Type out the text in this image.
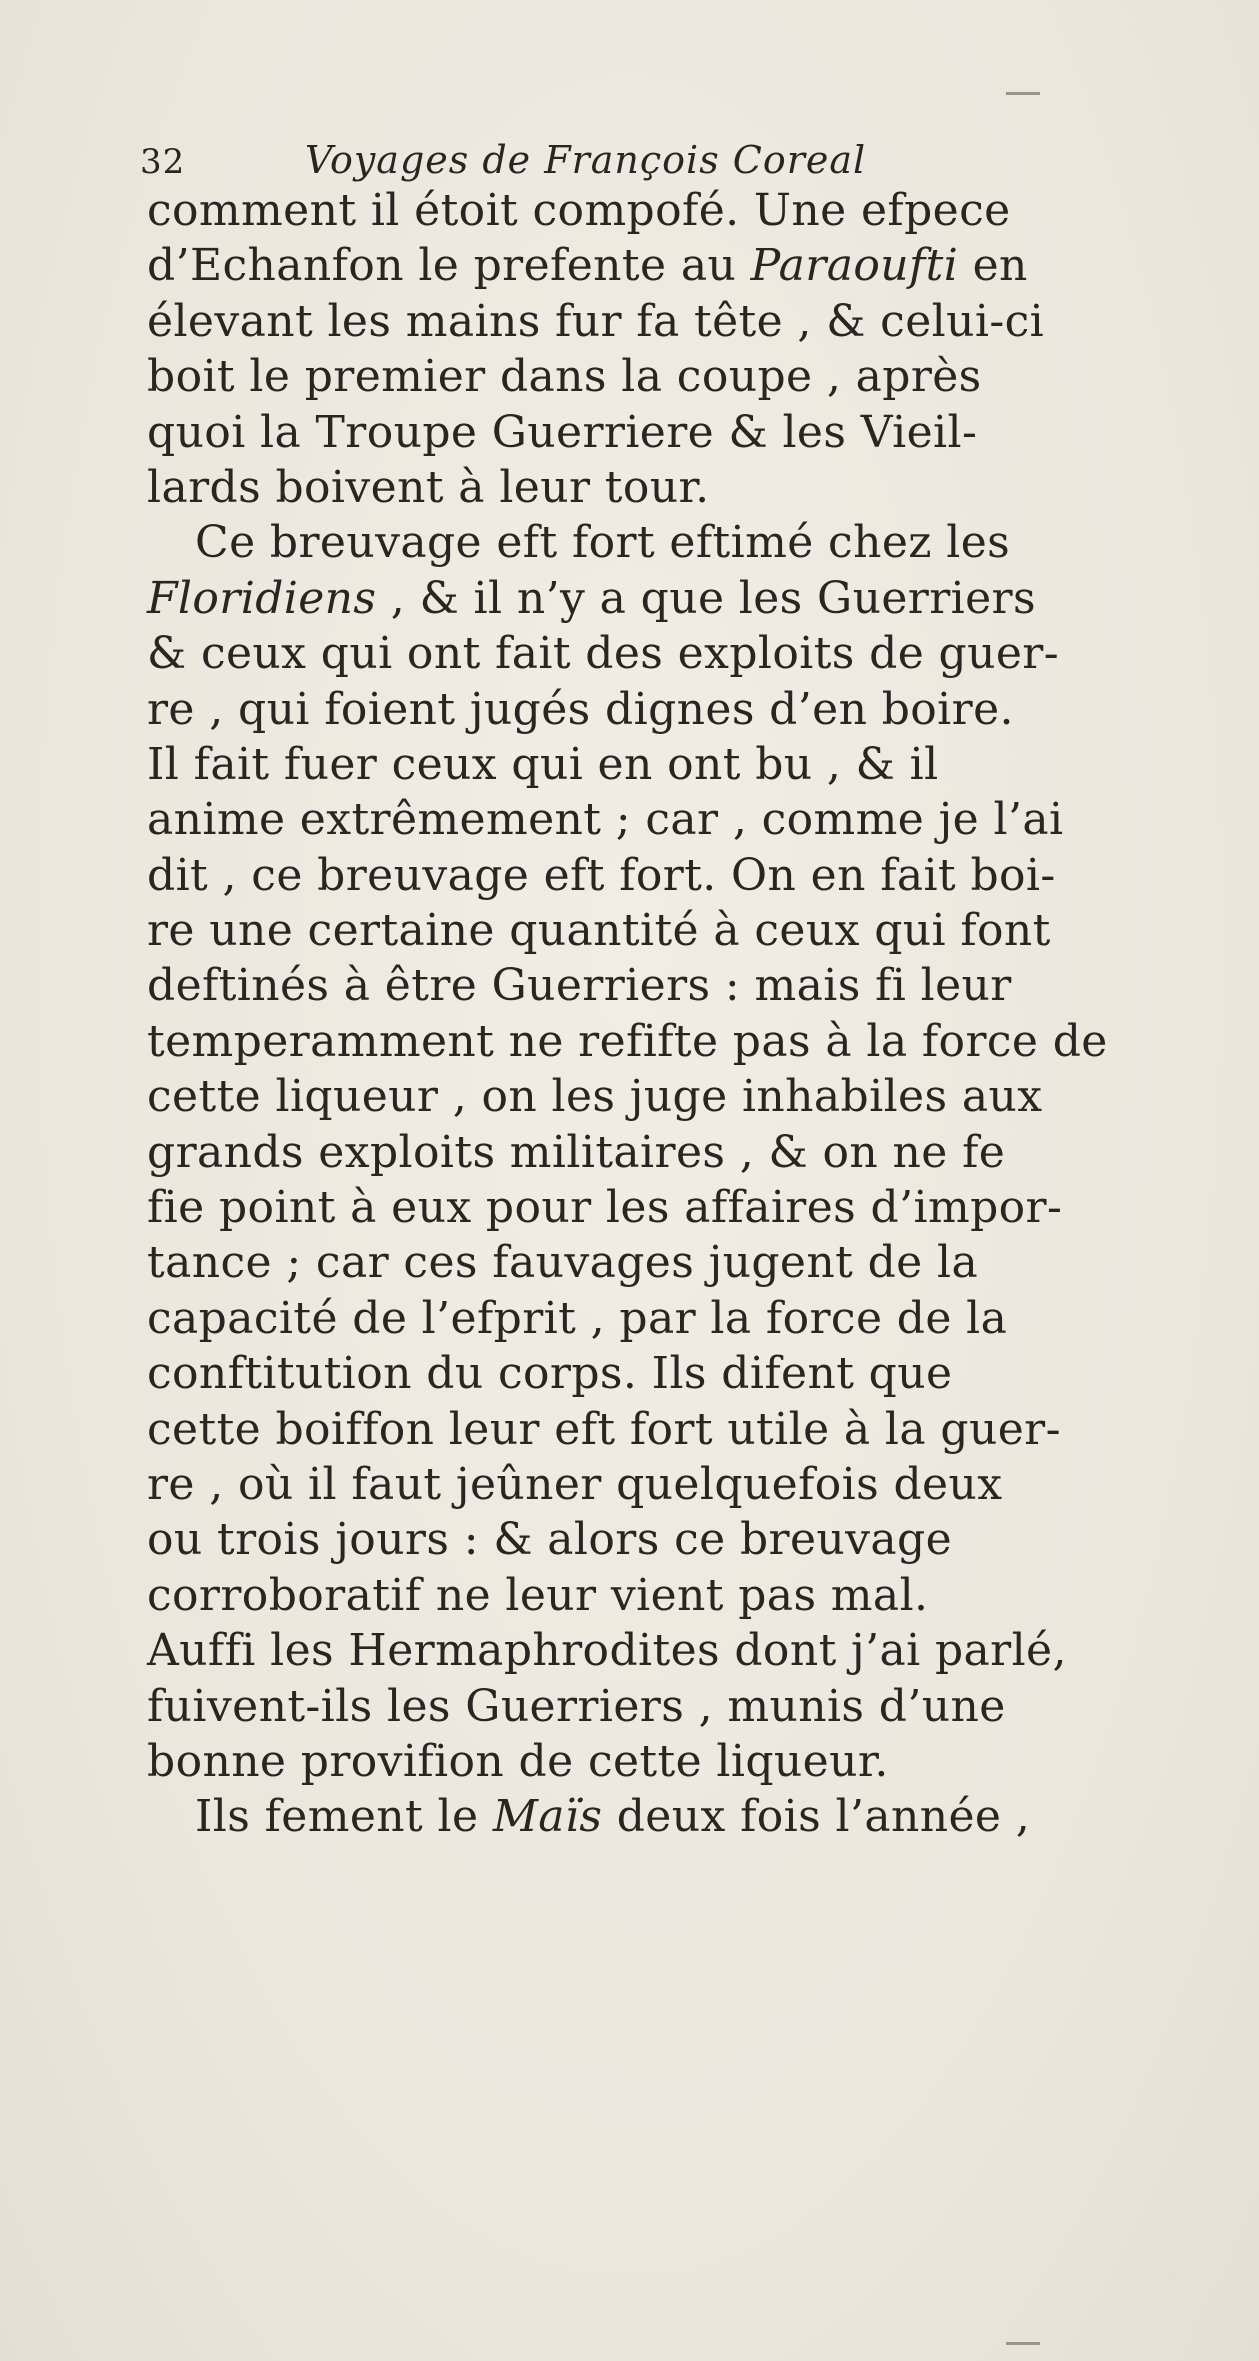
32	Voyages de François Coreal
comment il étoit compofé. Une efpece
d’Echanfon le prefente au Paraoufti en
élevant les mains fur fa tête , & celui-ci
boit le premier dans la coupe , après
quoi la Troupe Guerriere & les Vieil-
lards boivent à leur tour.
Ce breuvage eft fort eftimé chez les
Floridiens , & il n’y a que les Guerriers
& ceux qui ont fait des exploits de guer-
re , qui foient jugés dignes d’en boire.
Il fait fuer ceux qui en ont bu , & il
anime extrêmement ; car , comme je l’ai
dit , ce breuvage eft fort. On en fait boi-
re une certaine quantité à ceux qui font
deftinés à être Guerriers : mais fi leur
temperamment ne refifte pas à la force de
cette liqueur , on les juge inhabiles aux
grands exploits militaires , & on ne fe
fie point à eux pour les affaires d’impor-
tance ; car ces fauvages jugent de la
capacité de l’efprit , par la force de la
conftitution du corps. Ils difent que
cette boiffon leur eft fort utile à la guer-
re , où il faut jeûner quelquefois deux
ou trois jours : & alors ce breuvage
corroboratif ne leur vient pas mal.
Auffi les Hermaphrodites dont j’ai parlé,
fuivent-ils les Guerriers , munis d’une
bonne provifion de cette liqueur.
Ils fement le Maïs deux fois l’année ,
